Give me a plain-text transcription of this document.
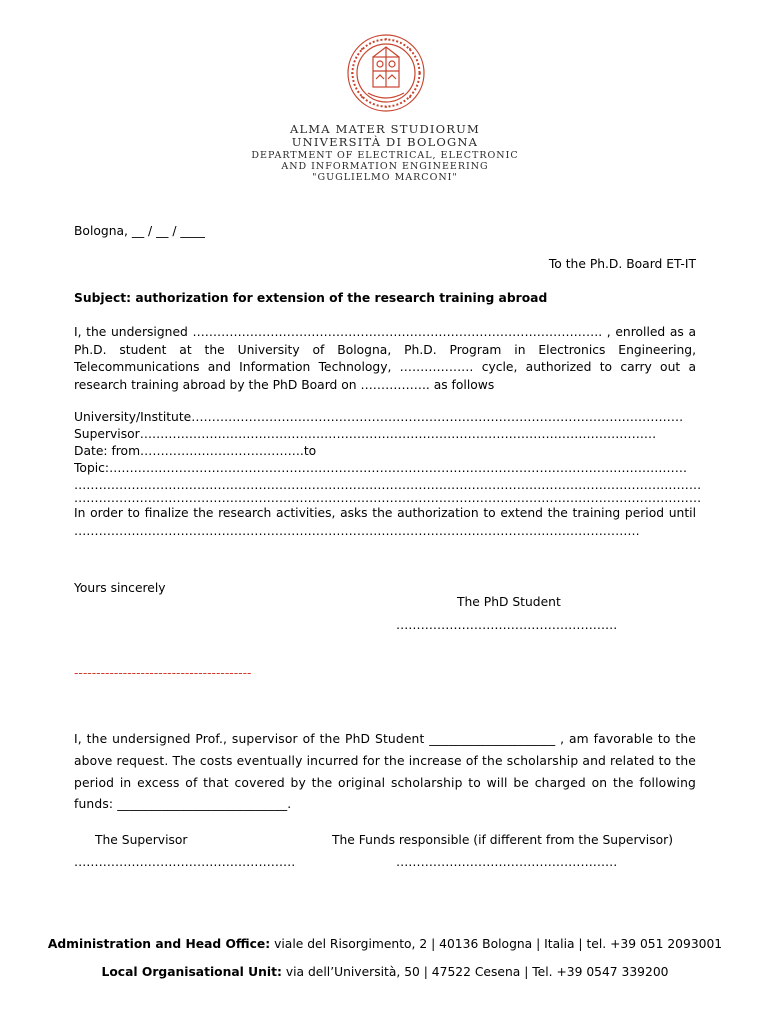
ALMA MATER STUDIORUM
UNIVERSITÀ DI BOLOGNA
DEPARTMENT OF ELECTRICAL, ELECTRONIC
AND INFORMATION ENGINEERING
"GUGLIELMO MARCONI"
Bologna, __ / __ / ____
To the Ph.D. Board ET-IT
Subject: authorization for extension of the research training abroad
I, the undersigned ………………………………………………………………………………………. , enrolled as a Ph.D. student at the University of Bologna, Ph.D. Program in Electronics Engineering, Telecommunications and Information Technology, ……………… cycle, authorized to carry out a research training abroad by the PhD Board on …………….. as follows
University/Institute…………………………………………………………………………………………………………
Supervisor………………………………………………………………………………………………………………
Date: from………………………………….to
Topic:……………………………………………………………………………………………………………………………
………………………………………………………………………………………………………………………………………
………………………………………………………………………………………………………………………………………
In order to finalize the research activities, asks the authorization to extend the training period until …………………………………………………………………………………………………………………………
Yours sincerely
The PhD Student
………………………………………………
----------------------------------------
I, the undersigned Prof., supervisor of the PhD Student ____________________ , am favorable to the above request. The costs eventually incurred for the increase of the scholarship and related to the period in excess of that covered by the original scholarship to will be charged on the following funds: ___________________________.
The Supervisor	The Funds responsible (if different from the Supervisor)
………………………………………………	………………………………………………
Administration and Head Office: viale del Risorgimento, 2 | 40136 Bologna | Italia | tel. +39 051 2093001
Local Organisational Unit: via dell’Università, 50 | 47522 Cesena | Tel. +39 0547 339200
